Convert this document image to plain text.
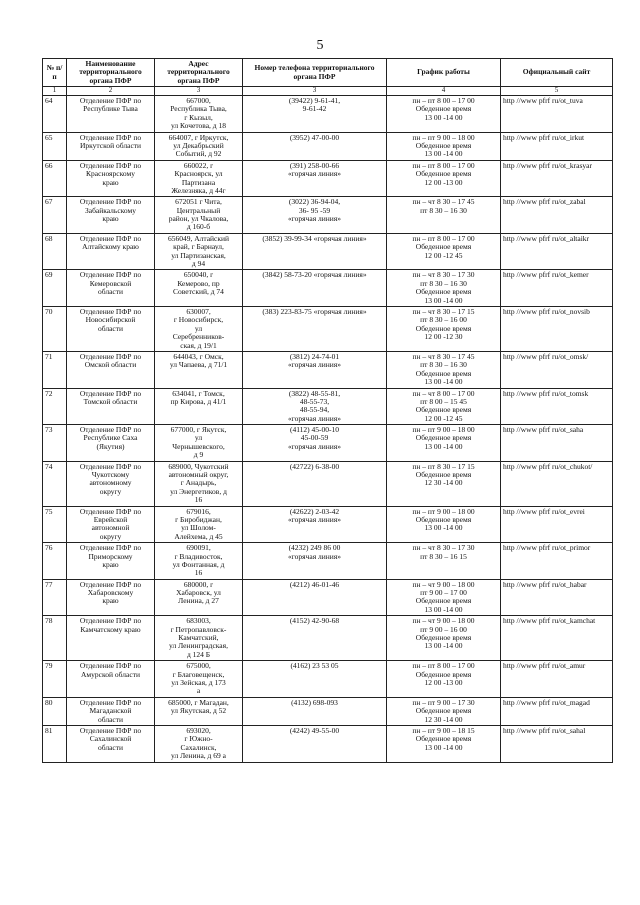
5
№ п/п	Наименование территориального органа ПФР	Адрес территориального органа ПФР	Номер телефона территориального органа ПФР	График работы	Официальный сайт
1	2	3	3	4	5
64	Отделение ПФР по
Республике Тыва	667000,
Республика Тыва,
г Кызыл,
ул Кочетова, д 18	(39422) 9-61-41,
9-61-42	пн – пт 8 00 – 17 00
Обеденное время
13 00 -14 00	http //www pfrf ru/ot_tuva
65	Отделение ПФР по
Иркутской области	664007, г Иркутск,
ул Декабрьский
Событий, д 92	(3952) 47-00-00	пн – пт 9 00 – 18 00
Обеденное время
13 00 -14 00	http //www pfrf ru/ot_irkut
66	Отделение ПФР по
Красноярскому
краю	660022, г
Красноярск, ул
Партизана
Железняка, д 44г	(391) 258-00-66
«горячая линия»	пн – пт 8 00 – 17 00
Обеденное время
12 00 -13 00	http //www pfrf ru/ot_krasyar
67	Отделение ПФР по
Забайкальскому
краю	672051 г Чита,
Центральный
район, ул Чкалова,
д 160-б	(3022) 36-94-04,
36- 95 -59
«горячая линия»	пн – чт 8 30 – 17 45
пт 8 30 – 16 30	http //www pfrf ru/ot_zabal
68	Отделение ПФР по
Алтайскому краю	656049, Алтайский
край, г Барнаул,
ул Партизанская,
д 94	(3852) 39-99-34 «горячая линия»	пн – пт 8 00 – 17 00
Обеденное время
12 00 -12 45	http //www pfrf ru/ot_altaikr
69	Отделение ПФР по
Кемеровской
области	650040, г
Кемерово, пр
Советский, д 74	(3842) 58-73-20 «горячая линия»	пн – чт 8 30 – 17 30
пт 8 30 – 16 30
Обеденное время
13 00 -14 00	http //www pfrf ru/ot_kemer
70	Отделение ПФР по
Новосибирской
области	630007,
г Новосибирск,
ул
Серебренников-
ская, д 19/1	(383) 223-83-75 «горячая линия»	пн – чт 8 30 – 17 15
пт 8 30 – 16 00
Обеденное время
12 00 -12 30	http //www pfrf ru/ot_novsib
71	Отделение ПФР по
Омской области	644043, г Омск,
ул Чапаева, д 71/1	(3812) 24-74-01
«горячая линия»	пн – чт 8 30 – 17 45
пт 8 30 – 16 30
Обеденное время
13 00 -14 00	http //www pfrf ru/ot_omsk/
72	Отделение ПФР по
Томской области	634041, г Томск,
пр Кирова, д 41/1	(3822) 48-55-81,
48-55-73,
48-55-94,
«горячая линия»	пн – чт 8 00 – 17 00
пт 8 00 – 15 45
Обеденное время
12 00 -12 45	http //www pfrf ru/ot_tomsk
73	Отделение ПФР по
Республике Саха
(Якутия)	677000, г Якутск,
ул
Чернышевского,
д 9	(4112) 45-00-10
45-00-59
«горячая линия»	пн – пт 9 00 – 18 00
Обеденное время
13 00 -14 00	http //www pfrf ru/ot_saha
74	Отделение ПФР по
Чукотскому
автономному
округу	689000, Чукотский
автономный округ,
г Анадырь,
ул Энергетиков, д
16	(42722) 6-38-00	пн – пт 8 30 – 17 15
Обеденное время
12 30 -14 00	http //www pfrf ru/ot_chukot/
75	Отделение ПФР по
Еврейской
автономной
округу	679016,
г Биробиджан,
ул Шолом-
Алейхема, д 45	(42622) 2-03-42
«горячая линия»	пн – пт 9 00 – 18 00
Обеденное время
13 00 -14 00	http //www pfrf ru/ot_evrei
76	Отделение ПФР по
Приморскому
краю	690091,
г Владивосток,
ул Фонтанная, д
16	(4232) 249 86 00
«горячая линия»	пн – чт 8 30 – 17 30
пт 8 30 – 16 15	http //www pfrf ru/ot_primor
77	Отделение ПФР по
Хабаровскому
краю	680000, г
Хабаровск, ул
Ленина, д 27	(4212) 46-01-46	пн – чт 9 00 – 18 00
пт 9 00 – 17 00
Обеденное время
13 00 -14 00	http //www pfrf ru/ot_habar
78	Отделение ПФР по
Камчатскому краю	683003,
г Петропавловск-
Камчатский,
ул Ленинградская,
д 124 Б	(4152) 42-90-68	пн – чт 9 00 – 18 00
пт 9 00 – 16 00
Обеденное время
13 00 -14 00	http //www pfrf ru/ot_kamchat
79	Отделение ПФР по
Амурской области	675000,
г Благовещенск,
ул Зейская, д 173
а	(4162) 23 53 05	пн – пт 8 00 – 17 00
Обеденное время
12 00 -13 00	http //www pfrf ru/ot_amur
80	Отделение ПФР по
Магаданской
области	685000, г Магадан,
ул Якутская, д 52	(4132) 698-093	пн – пт 9 00 – 17 30
Обеденное время
12 30 -14 00	http //www pfrf ru/ot_magad
81	Отделение ПФР по
Сахалинской
области	693020,
г Южно-
Сахалинск,
ул Ленина, д 69 а	(4242) 49-55-00	пн – пт 9 00 – 18 15
Обеденное время
13 00 -14 00	http //www pfrf ru/ot_sahal
